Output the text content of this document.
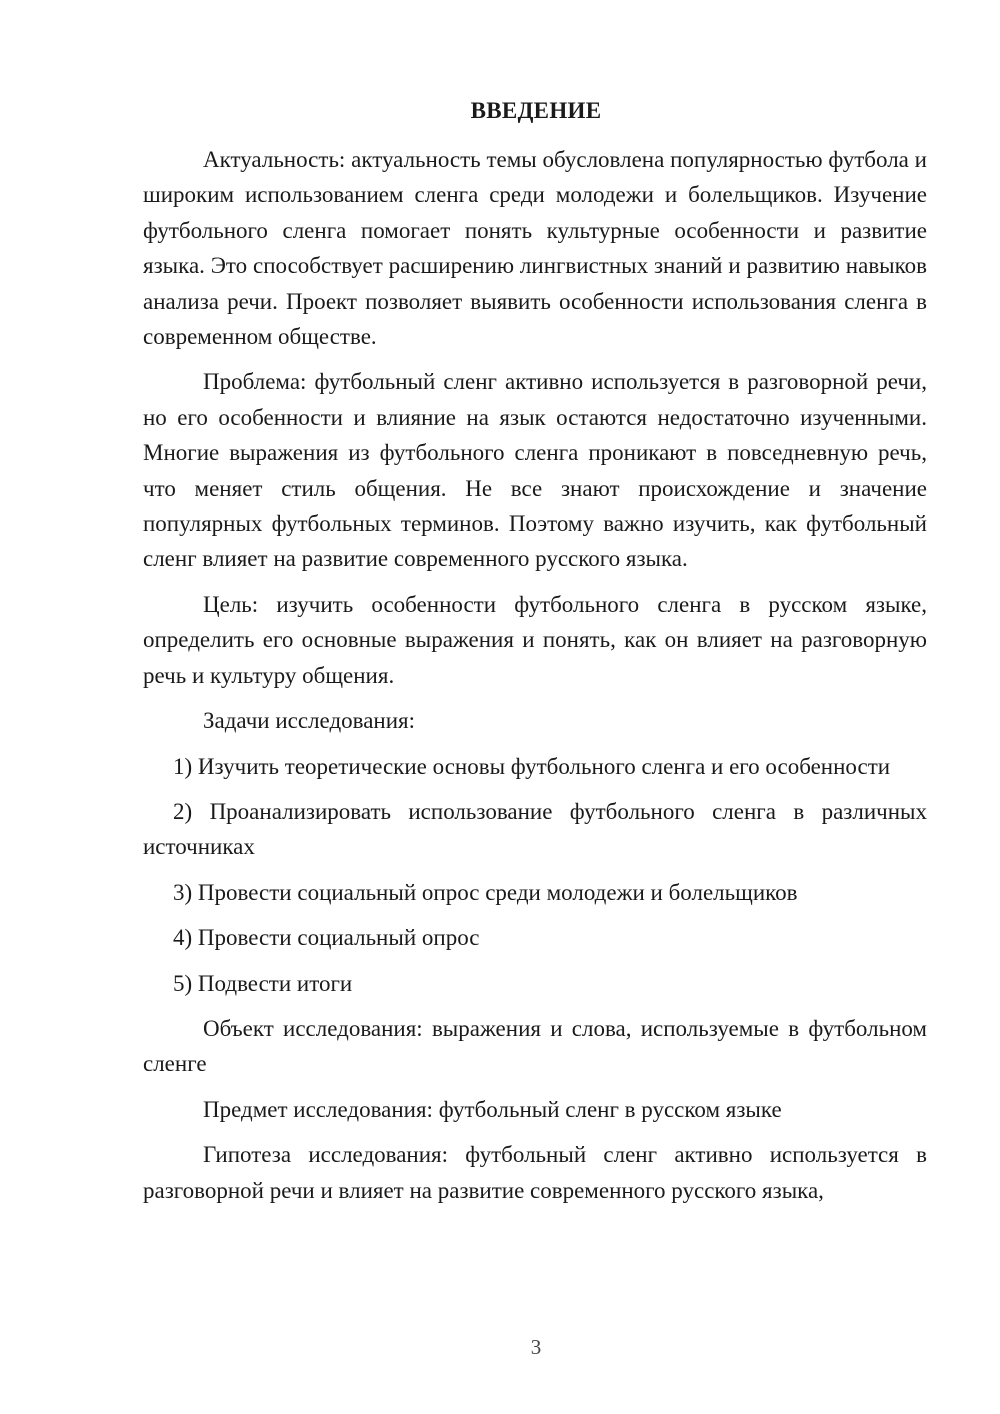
ВВЕДЕНИЕ

Актуальность: актуальность темы обусловлена популярностью футбола и широким использованием сленга среди молодежи и болельщиков. Изучение футбольного сленга помогает понять культурные особенности и развитие языка. Это способствует расширению лингвистных знаний и развитию навыков анализа речи. Проект позволяет выявить особенности использования сленга в современном обществе.

Проблема: футбольный сленг активно используется в разговорной речи, но его особенности и влияние на язык остаются недостаточно изученными. Многие выражения из футбольного сленга проникают в повседневную речь, что меняет стиль общения. Не все знают происхождение и значение популярных футбольных терминов. Поэтому важно изучить, как футбольный сленг влияет на развитие современного русского языка.

Цель: изучить особенности футбольного сленга в русском языке, определить его основные выражения и понять, как он влияет на разговорную речь и культуру общения.

Задачи исследования:

1) Изучить теоретические основы футбольного сленга и его особенности

2) Проанализировать использование футбольного сленга в различных источниках

3) Провести социальный опрос среди молодежи и болельщиков

4) Провести социальный опрос

5) Подвести итоги

Объект исследования: выражения и слова, используемые в футбольном сленге

Предмет исследования: футбольный сленг в русском языке

Гипотеза исследования: футбольный сленг активно используется в разговорной речи и влияет на развитие современного русского языка,

3
